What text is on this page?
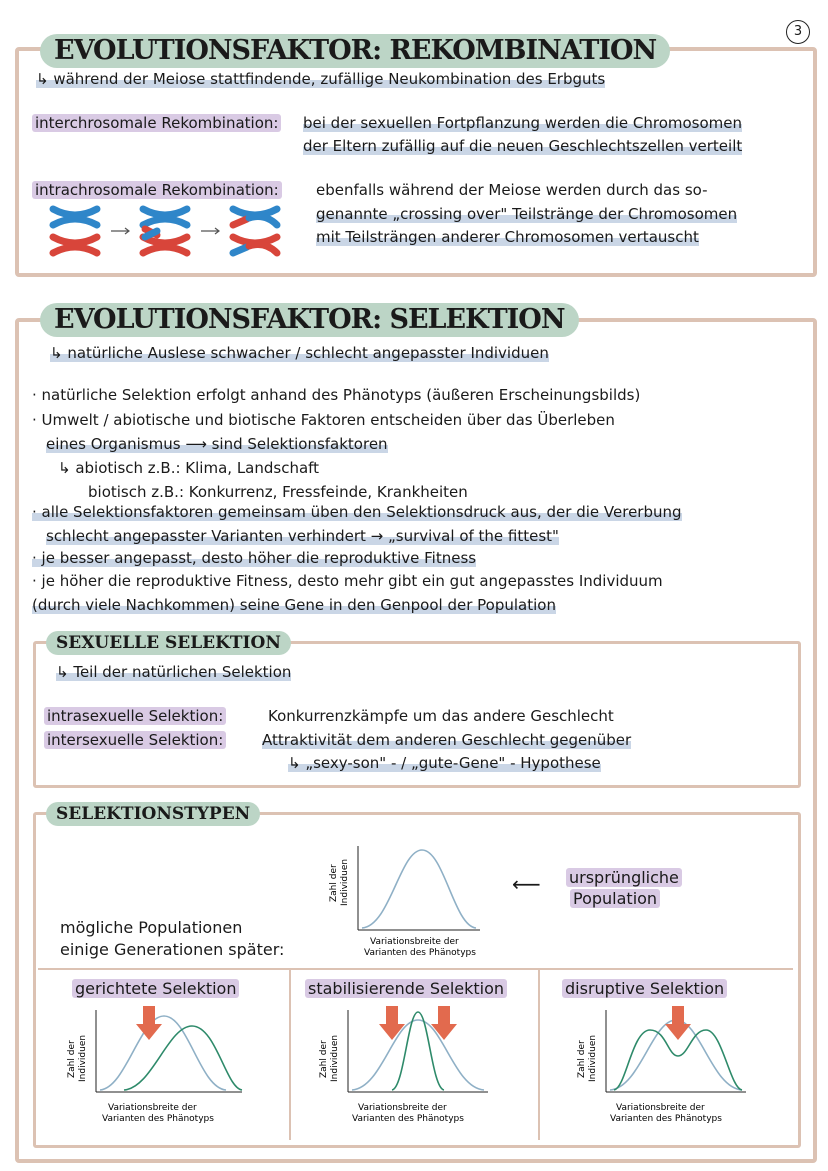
3
EVOLUTIONSFAKTOR: REKOMBINATION
↳ während der Meiose stattfindende, zufällige Neukombination des Erbguts
interchrosomale Rekombination: bei der sexuellen Fortpflanzung werden die Chromosomen
der Eltern zufällig auf die neuen Geschlechtszellen verteilt
intrachrosomale Rekombination: ebenfalls während der Meiose werden durch das so-
genannte „crossing over" Teilstränge der Chromosomen
mit Teilsträngen anderer Chromosomen vertauscht
EVOLUTIONSFAKTOR: SELEKTION
↳ natürliche Auslese schwacher / schlecht angepasster Individuen
· natürliche Selektion erfolgt anhand des Phänotyps (äußeren Erscheinungsbilds)
· Umwelt / abiotische und biotische Faktoren entscheiden über das Überleben
eines Organismus ⟶ sind Selektionsfaktoren
↳ abiotisch z.B.: Klima, Landschaft
biotisch z.B.: Konkurrenz, Fressfeinde, Krankheiten
· alle Selektionsfaktoren gemeinsam üben den Selektionsdruck aus, der die Vererbung
schlecht angepasster Varianten verhindert → „survival of the fittest"
· je besser angepasst, desto höher die reproduktive Fitness
· je höher die reproduktive Fitness, desto mehr gibt ein gut angepasstes Individuum
(durch viele Nachkommen) seine Gene in den Genpool der Population
SEXUELLE SELEKTION
↳ Teil der natürlichen Selektion
intrasexuelle Selektion:	Konkurrenzkämpfe um das andere Geschlecht
intersexuelle Selektion:	Attraktivität dem anderen Geschlecht gegenüber
↳ „sexy-son" - / „gute-Gene" - Hypothese
SELEKTIONSTYPEN
Zahl der Individuen
Variationsbreite der
Varianten des Phänotyps
⟵ ursprüngliche
Population
mögliche Populationen
einige Generationen später:
gerichtete Selektion
Zahl der Individuen
Variationsbreite der
Varianten des Phänotyps
stabilisierende Selektion
Zahl der Individuen
Variationsbreite der
Varianten des Phänotyps
disruptive Selektion
Zahl der Individuen
Variationsbreite der
Varianten des Phänotyps
